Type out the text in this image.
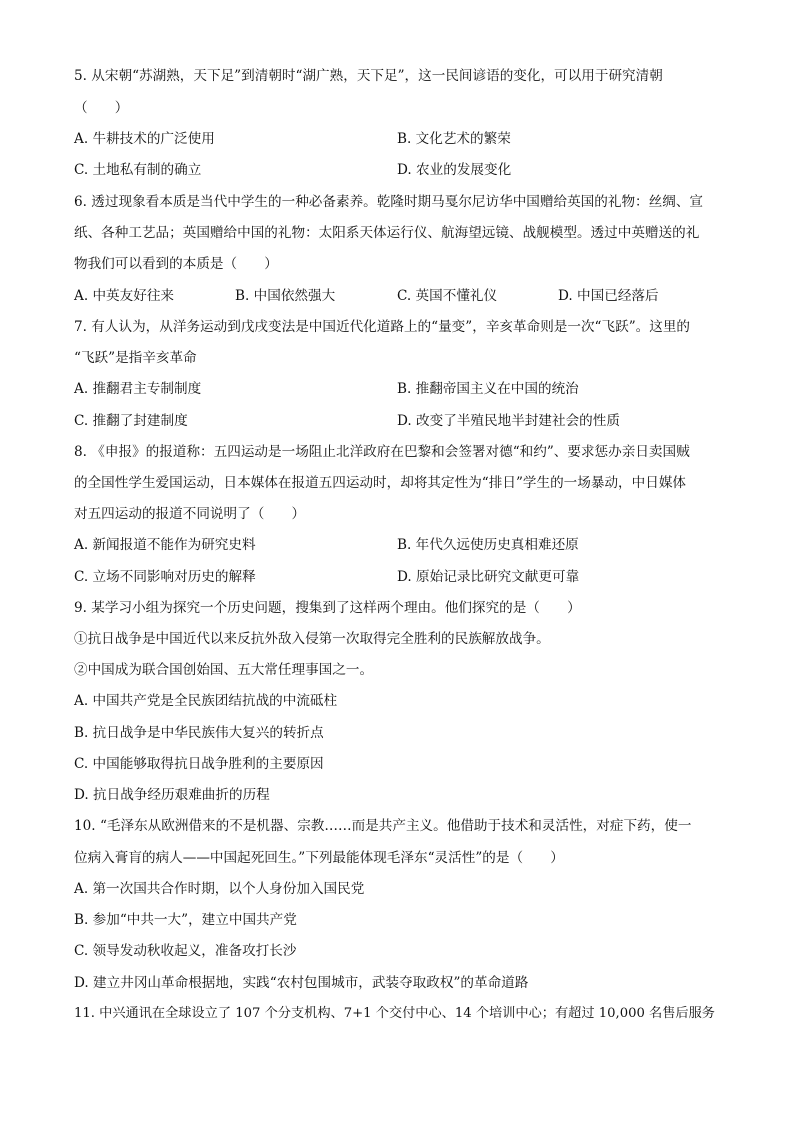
5. 从宋朝“苏湖熟，天下足”到清朝时“湖广熟，天下足”，这一民间谚语的变化，可以用于研究清朝
（　　）
A. 牛耕技术的广泛使用	B. 文化艺术的繁荣
C. 土地私有制的确立	D. 农业的发展变化
6. 透过现象看本质是当代中学生的一种必备素养。乾隆时期马戛尔尼访华中国赠给英国的礼物：丝绸、宣
纸、各种工艺品；英国赠给中国的礼物：太阳系天体运行仪、航海望远镜、战舰模型。透过中英赠送的礼
物我们可以看到的本质是（　　）
A. 中英友好往来	B. 中国依然强大	C. 英国不懂礼仪	D. 中国已经落后
7. 有人认为，从洋务运动到戊戌变法是中国近代化道路上的“量变”，辛亥革命则是一次“飞跃”。这里的
“飞跃”是指辛亥革命
A. 推翻君主专制制度	B. 推翻帝国主义在中国的统治
C. 推翻了封建制度	D. 改变了半殖民地半封建社会的性质
8. 《申报》的报道称：五四运动是一场阻止北洋政府在巴黎和会签署对德“和约”、要求惩办亲日卖国贼
的全国性学生爱国运动，日本媒体在报道五四运动时，却将其定性为“排日”学生的一场暴动，中日媒体
对五四运动的报道不同说明了（　　）
A. 新闻报道不能作为研究史料	B. 年代久远使历史真相难还原
C. 立场不同影响对历史的解释	D. 原始记录比研究文献更可靠
9. 某学习小组为探究一个历史问题，搜集到了这样两个理由。他们探究的是（　　）
①抗日战争是中国近代以来反抗外敌入侵第一次取得完全胜利的民族解放战争。
②中国成为联合国创始国、五大常任理事国之一。
A. 中国共产党是全民族团结抗战的中流砥柱
B. 抗日战争是中华民族伟大复兴的转折点
C. 中国能够取得抗日战争胜利的主要原因
D. 抗日战争经历艰难曲折的历程
10. “毛泽东从欧洲借来的不是机器、宗教……而是共产主义。他借助于技术和灵活性，对症下药，使一
位病入膏肓的病人——中国起死回生。”下列最能体现毛泽东“灵活性”的是（　　）
A. 第一次国共合作时期，以个人身份加入国民党
B. 参加“中共一大”，建立中国共产党
C. 领导发动秋收起义，准备攻打长沙
D. 建立井冈山革命根据地，实践“农村包围城市，武装夺取政权”的革命道路
11. 中兴通讯在全球设立了 107 个分支机构、7+1 个交付中心、14 个培训中心；有超过 10,000 名售后服务
